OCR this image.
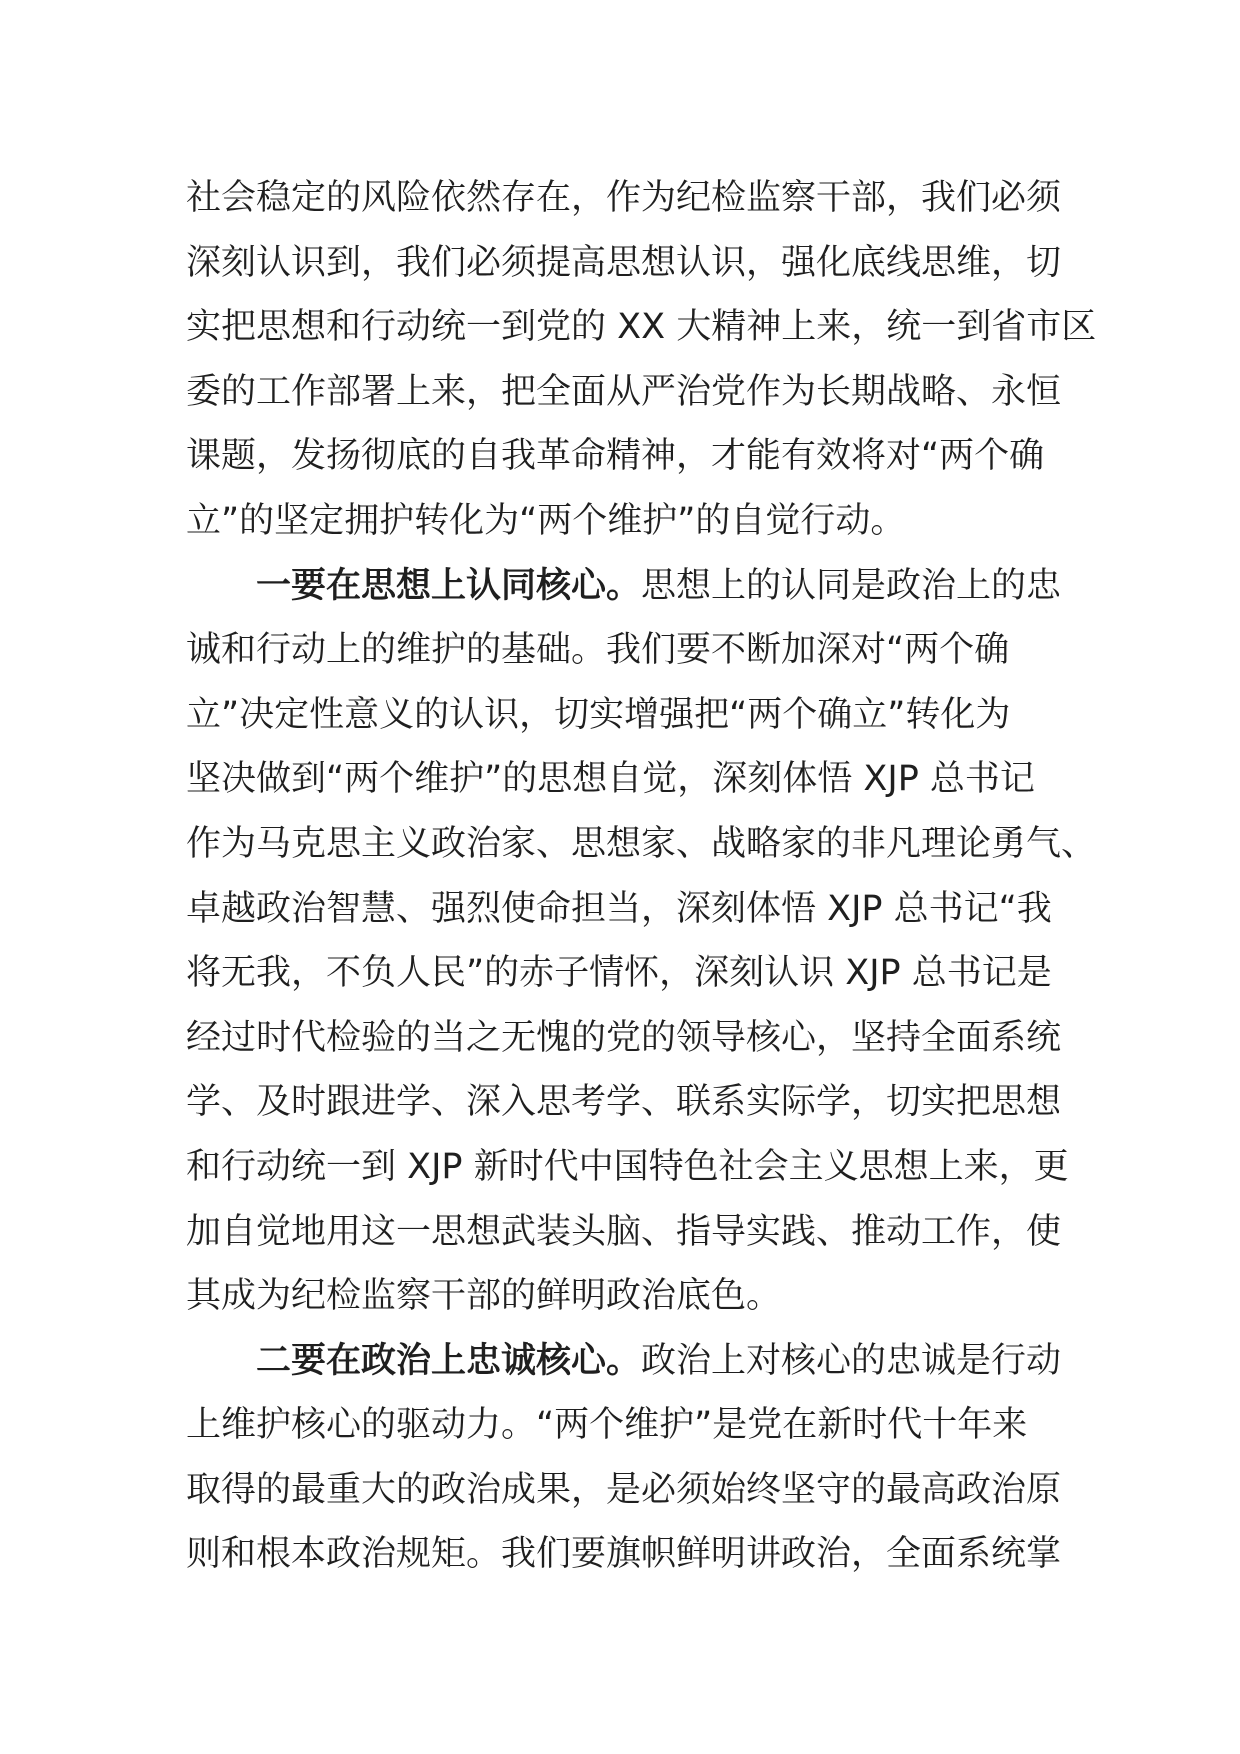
社会稳定的风险依然存在，作为纪检监察干部，我们必须
深刻认识到，我们必须提高思想认识，强化底线思维，切
实把思想和行动统一到党的 XX 大精神上来，统一到省市区
委的工作部署上来，把全面从严治党作为长期战略、永恒
课题，发扬彻底的自我革命精神，才能有效将对“两个确
立”的坚定拥护转化为“两个维护”的自觉行动。
一要在思想上认同核心。思想上的认同是政治上的忠
诚和行动上的维护的基础。我们要不断加深对“两个确
立”决定性意义的认识，切实增强把“两个确立”转化为
坚决做到“两个维护”的思想自觉，深刻体悟 XJP 总书记
作为马克思主义政治家、思想家、战略家的非凡理论勇气、
卓越政治智慧、强烈使命担当，深刻体悟 XJP 总书记“我
将无我，不负人民”的赤子情怀，深刻认识 XJP 总书记是
经过时代检验的当之无愧的党的领导核心，坚持全面系统
学、及时跟进学、深入思考学、联系实际学，切实把思想
和行动统一到 XJP 新时代中国特色社会主义思想上来，更
加自觉地用这一思想武装头脑、指导实践、推动工作，使
其成为纪检监察干部的鲜明政治底色。
二要在政治上忠诚核心。政治上对核心的忠诚是行动
上维护核心的驱动力。“两个维护”是党在新时代十年来
取得的最重大的政治成果，是必须始终坚守的最高政治原
则和根本政治规矩。我们要旗帜鲜明讲政治，全面系统掌
